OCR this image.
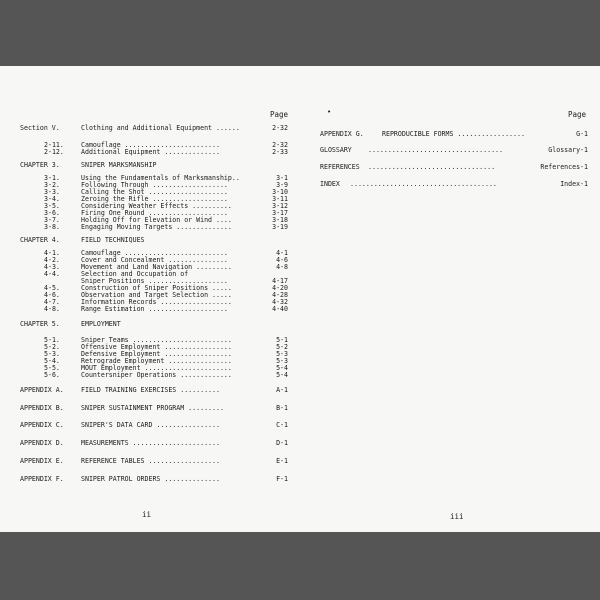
Page
Section V.	Clothing and Additional Equipment ......	2-32
2-11.	Camouflage ........................	2-32
2-12.	Additional Equipment ..............	2-33
CHAPTER 3.	SNIPER MARKSMANSHIP
3-1.	Using the Fundamentals of Marksmanship..	3-1
3-2.	Following Through ...................	3-9
3-3.	Calling the Shot ....................	3-10
3-4.	Zeroing the Rifle ...................	3-11
3-5.	Considering Weather Effects ..........	3-12
3-6.	Firing One Round ....................	3-17
3-7.	Holding Off for Elevation or Wind ....	3-18
3-8.	Engaging Moving Targets ..............	3-19
CHAPTER 4.	FIELD TECHNIQUES
4-1.	Camouflage ..........................	4-1
4-2.	Cover and Concealment ...............	4-6
4-3.	Movement and Land Navigation .........	4-8
4-4.	Selection and Occupation of
Sniper Positions ....................	4-17
4-5.	Construction of Sniper Positions .....	4-20
4-6.	Observation and Target Selection .....	4-28
4-7.	Information Records ..................	4-32
4-8.	Range Estimation ....................	4-40
CHAPTER 5.	EMPLOYMENT
5-1.	Sniper Teams .........................	5-1
5-2.	Offensive Employment .................	5-2
5-3.	Defensive Employment .................	5-3
5-4.	Retrograde Employment ................	5-3
5-5.	MOUT Employment ......................	5-4
5-6.	Countersniper Operations .............	5-4
APPENDIX A.	FIELD TRAINING EXERCISES ..........	A-1
APPENDIX B.	SNIPER SUSTAINMENT PROGRAM .........	B-1
APPENDIX C.	SNIPER'S DATA CARD ................	C-1
APPENDIX D.	MEASUREMENTS ......................	D-1
APPENDIX E.	REFERENCE TABLES ..................	E-1
APPENDIX F.	SNIPER PATROL ORDERS ..............	F-1
ii
•	Page
APPENDIX G.	REPRODUCIBLE FORMS .................	G-1
GLOSSARY ..................................	Glossary-1
REFERENCES ................................	References-1
INDEX .....................................	Index-1
iii
